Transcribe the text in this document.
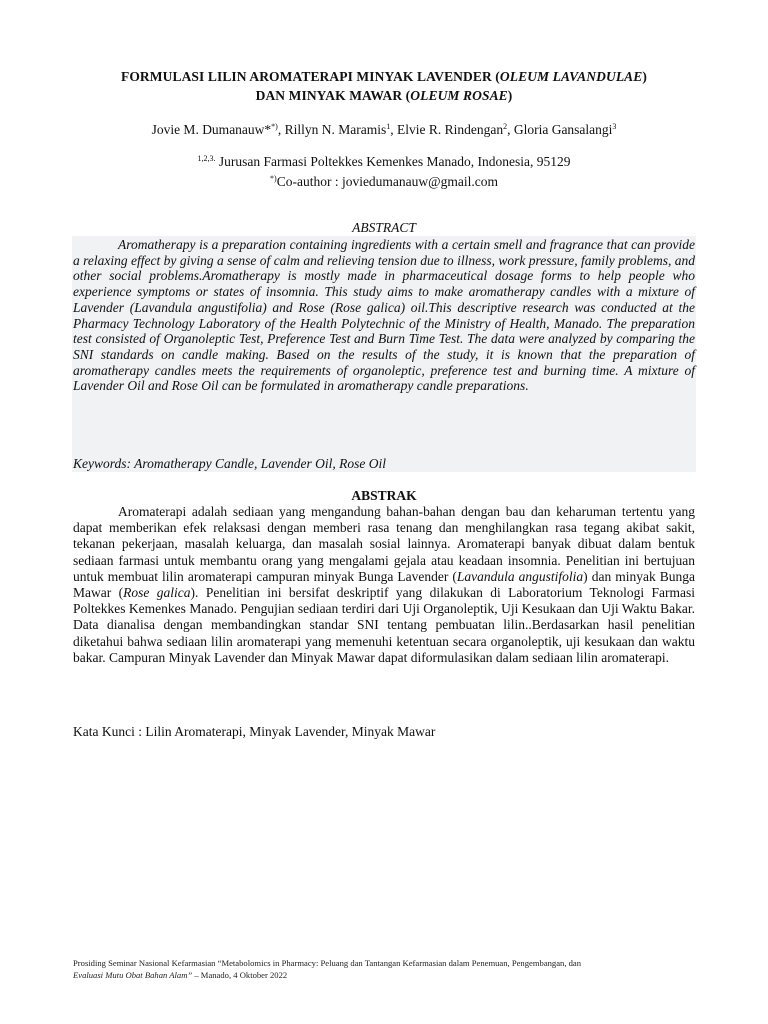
FORMULASI LILIN AROMATERAPI MINYAK LAVENDER (OLEUM LAVANDULAE)
DAN MINYAK MAWAR (OLEUM ROSAE)
Jovie M. Dumanauw**), Rillyn N. Maramis$^1$, Elvie R. Rindengan$^2$, Gloria Gansalangi$^3$
$^{1,2,3.}$ Jurusan Farmasi Poltekkes Kemenkes Manado, Indonesia, 95129
*)Co-author : joviedumanauw@gmail.com
ABSTRACT
Aromatherapy is a preparation containing ingredients with a certain smell and fragrance that can provide a relaxing effect by giving a sense of calm and relieving tension due to illness, work pressure, family problems, and other social problems.Aromatherapy is mostly made in pharmaceutical dosage forms to help people who experience symptoms or states of insomnia. This study aims to make aromatherapy candles with a mixture of Lavender (Lavandula angustifolia) and Rose (Rose galica) oil.This descriptive research was conducted at the Pharmacy Technology Laboratory of the Health Polytechnic of the Ministry of Health, Manado. The preparation test consisted of Organoleptic Test, Preference Test and Burn Time Test. The data were analyzed by comparing the SNI standards on candle making. Based on the results of the study, it is known that the preparation of aromatherapy candles meets the requirements of organoleptic, preference test and burning time. A mixture of Lavender Oil and Rose Oil can be formulated in aromatherapy candle preparations.
Keywords: Aromatherapy Candle, Lavender Oil, Rose Oil
ABSTRAK
Aromaterapi adalah sediaan yang mengandung bahan-bahan dengan bau dan keharuman tertentu yang dapat memberikan efek relaksasi dengan memberi rasa tenang dan menghilangkan rasa tegang akibat sakit, tekanan pekerjaan, masalah keluarga, dan masalah sosial lainnya. Aromaterapi banyak dibuat dalam bentuk sediaan farmasi untuk membantu orang yang mengalami gejala atau keadaan insomnia. Penelitian ini bertujuan untuk membuat lilin aromaterapi campuran minyak Bunga Lavender (Lavandula angustifolia) dan minyak Bunga Mawar (Rose galica). Penelitian ini bersifat deskriptif yang dilakukan di Laboratorium Teknologi Farmasi Poltekkes Kemenkes Manado. Pengujian sediaan terdiri dari Uji Organoleptik, Uji Kesukaan dan Uji Waktu Bakar. Data dianalisa dengan membandingkan standar SNI tentang pembuatan lilin..Berdasarkan hasil penelitian diketahui bahwa sediaan lilin aromaterapi yang memenuhi ketentuan secara organoleptik, uji kesukaan dan waktu bakar. Campuran Minyak Lavender dan Minyak Mawar dapat diformulasikan dalam sediaan lilin aromaterapi.
Kata Kunci : Lilin Aromaterapi, Minyak Lavender, Minyak Mawar
Prosiding Seminar Nasional Kefarmasian “Metabolomics in Pharmacy: Peluang dan Tantangan Kefarmasian dalam Penemuan, Pengembangan, dan
Evaluasi Mutu Obat Bahan Alam” – Manado, 4 Oktober 2022
